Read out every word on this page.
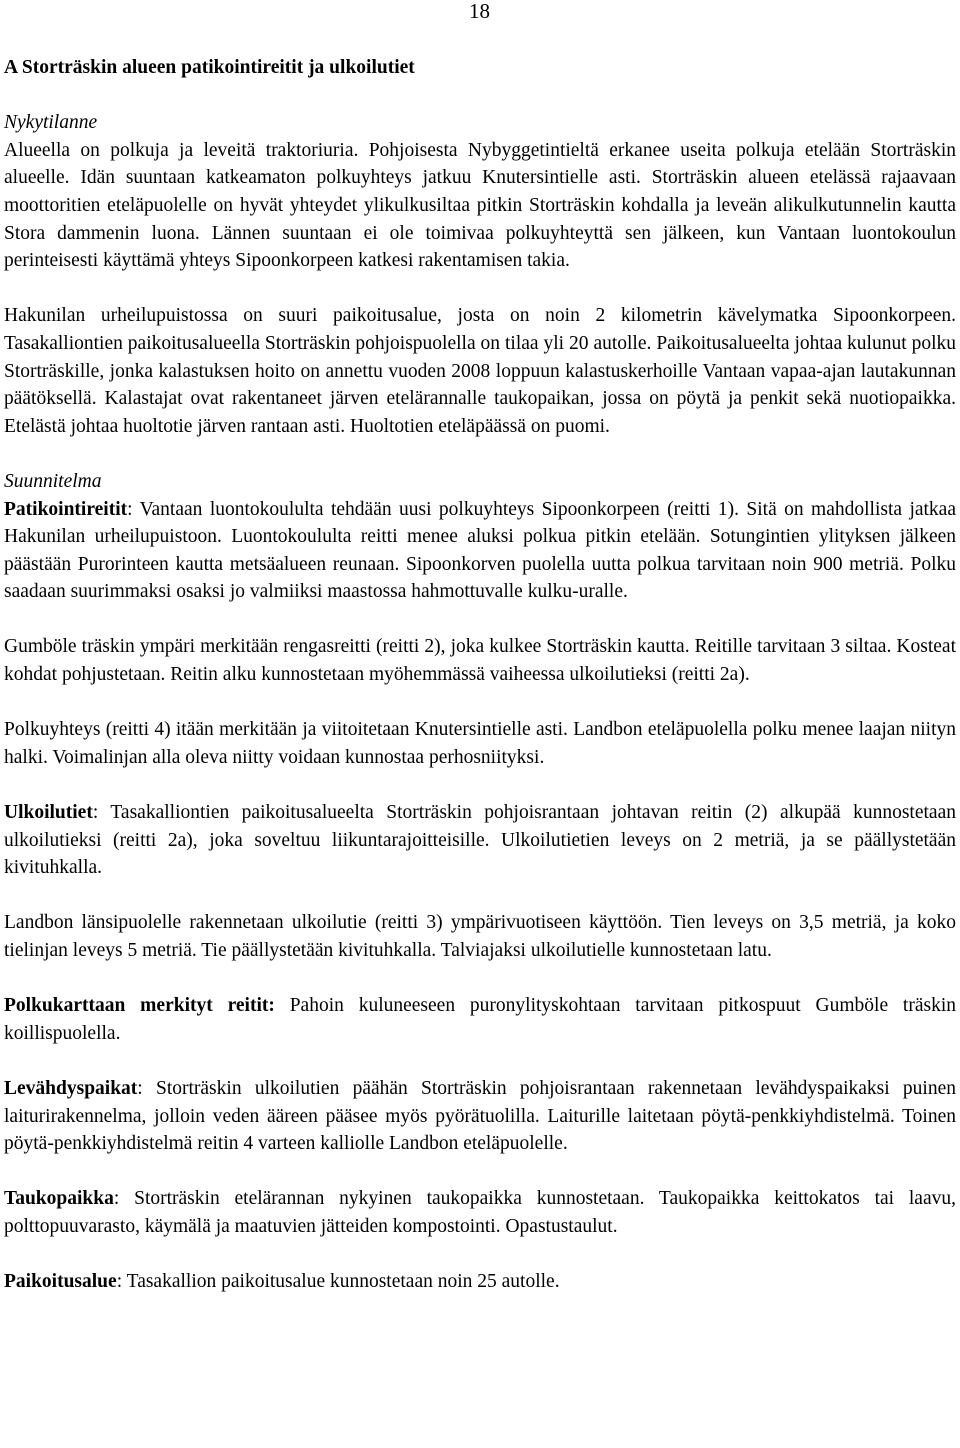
18
A Storträskin alueen patikointireitit ja ulkoilutiet
Nykytilanne

Alueella on polkuja ja leveitä traktoriuria. Pohjoisesta Nybyggetintieltä erkanee useita polkuja etelään Storträskin alueelle. Idän suuntaan katkeamaton polkuyhteys jatkuu Knutersintielle asti. Storträskin alueen etelässä rajaavaan moottoritien eteläpuolelle on hyvät yhteydet ylikulkusiltaa pitkin Storträskin kohdalla ja leveän alikulkutunnelin kautta Stora dammenin luona. Lännen suuntaan ei ole toimivaa polkuyhteyttä sen jälkeen, kun Vantaan luontokoulun perinteisesti käyttämä yhteys Sipoonkorpeen katkesi rakentamisen takia.

Hakunilan urheilupuistossa on suuri paikoitusalue, josta on noin 2 kilometrin kävelymatka Sipoonkorpeen. Tasakalliontien paikoitusalueella Storträskin pohjoispuolella on tilaa yli 20 autolle. Paikoitusalueelta johtaa kulunut polku Storträskille, jonka kalastuksen hoito on annettu vuoden 2008 loppuun kalastuskerhoille Vantaan vapaa-ajan lautakunnan päätöksellä. Kalastajat ovat rakentaneet järven etelärannalle taukopaikan, jossa on pöytä ja penkit sekä nuotiopaikka. Etelästä johtaa huoltotie järven rantaan asti. Huoltotien eteläpäässä on puomi.

Suunnitelma

Patikointireitit: Vantaan luontokoululta tehdään uusi polkuyhteys Sipoonkorpeen (reitti 1). Sitä on mahdollista jatkaa Hakunilan urheilupuistoon. Luontokoululta reitti menee aluksi polkua pitkin etelään. Sotungintien ylityksen jälkeen päästään Purorinteen kautta metsäalueen reunaan. Sipoonkorven puolella uutta polkua tarvitaan noin 900 metriä. Polku saadaan suurimmaksi osaksi jo valmiiksi maastossa hahmottuvalle kulku-uralle.

Gumböle träskin ympäri merkitään rengasreitti (reitti 2), joka kulkee Storträskin kautta. Reitille tarvitaan 3 siltaa. Kosteat kohdat pohjustetaan. Reitin alku kunnostetaan myöhemmässä vaiheessa ulkoilutieksi (reitti 2a).

Polkuyhteys (reitti 4) itään merkitään ja viitoitetaan Knutersintielle asti. Landbon eteläpuolella polku menee laajan niityn halki. Voimalinjan alla oleva niitty voidaan kunnostaa perhosniityksi.

Ulkoilutiet: Tasakalliontien paikoitusalueelta Storträskin pohjoisrantaan johtavan reitin (2) alkupää kunnostetaan ulkoilutieksi (reitti 2a), joka soveltuu liikuntarajoitteisille. Ulkoilutietien leveys on 2 metriä, ja se päällystetään kivituhkalla.

Landbon länsipuolelle rakennetaan ulkoilutie (reitti 3) ympärivuotiseen käyttöön. Tien leveys on 3,5 metriä, ja koko tielinjan leveys 5 metriä. Tie päällystetään kivituhkalla. Talviajaksi ulkoilutielle kunnostetaan latu.

Polkukarttaan merkityt reitit: Pahoin kuluneeseen puronylityskohtaan tarvitaan pitkospuut Gumböle träskin koillispuolella.

Levähdyspaikat: Storträskin ulkoilutien päähän Storträskin pohjoisrantaan rakennetaan levähdyspaikaksi puinen laiturirakennelma, jolloin veden ääreen pääsee myös pyörätuolilla. Laiturille laitetaan pöytä-penkkiyhdistelmä. Toinen pöytä-penkkiyhdistelmä reitin 4 varteen kalliolle Landbon eteläpuolelle.

Taukopaikka: Storträskin etelärannan nykyinen taukopaikka kunnostetaan. Taukopaikka keittokatos tai laavu, polttopuuvarasto, käymälä ja maatuvien jätteiden kompostointi. Opastustaulut.

Paikoitusalue: Tasakallion paikoitusalue kunnostetaan noin 25 autolle.
